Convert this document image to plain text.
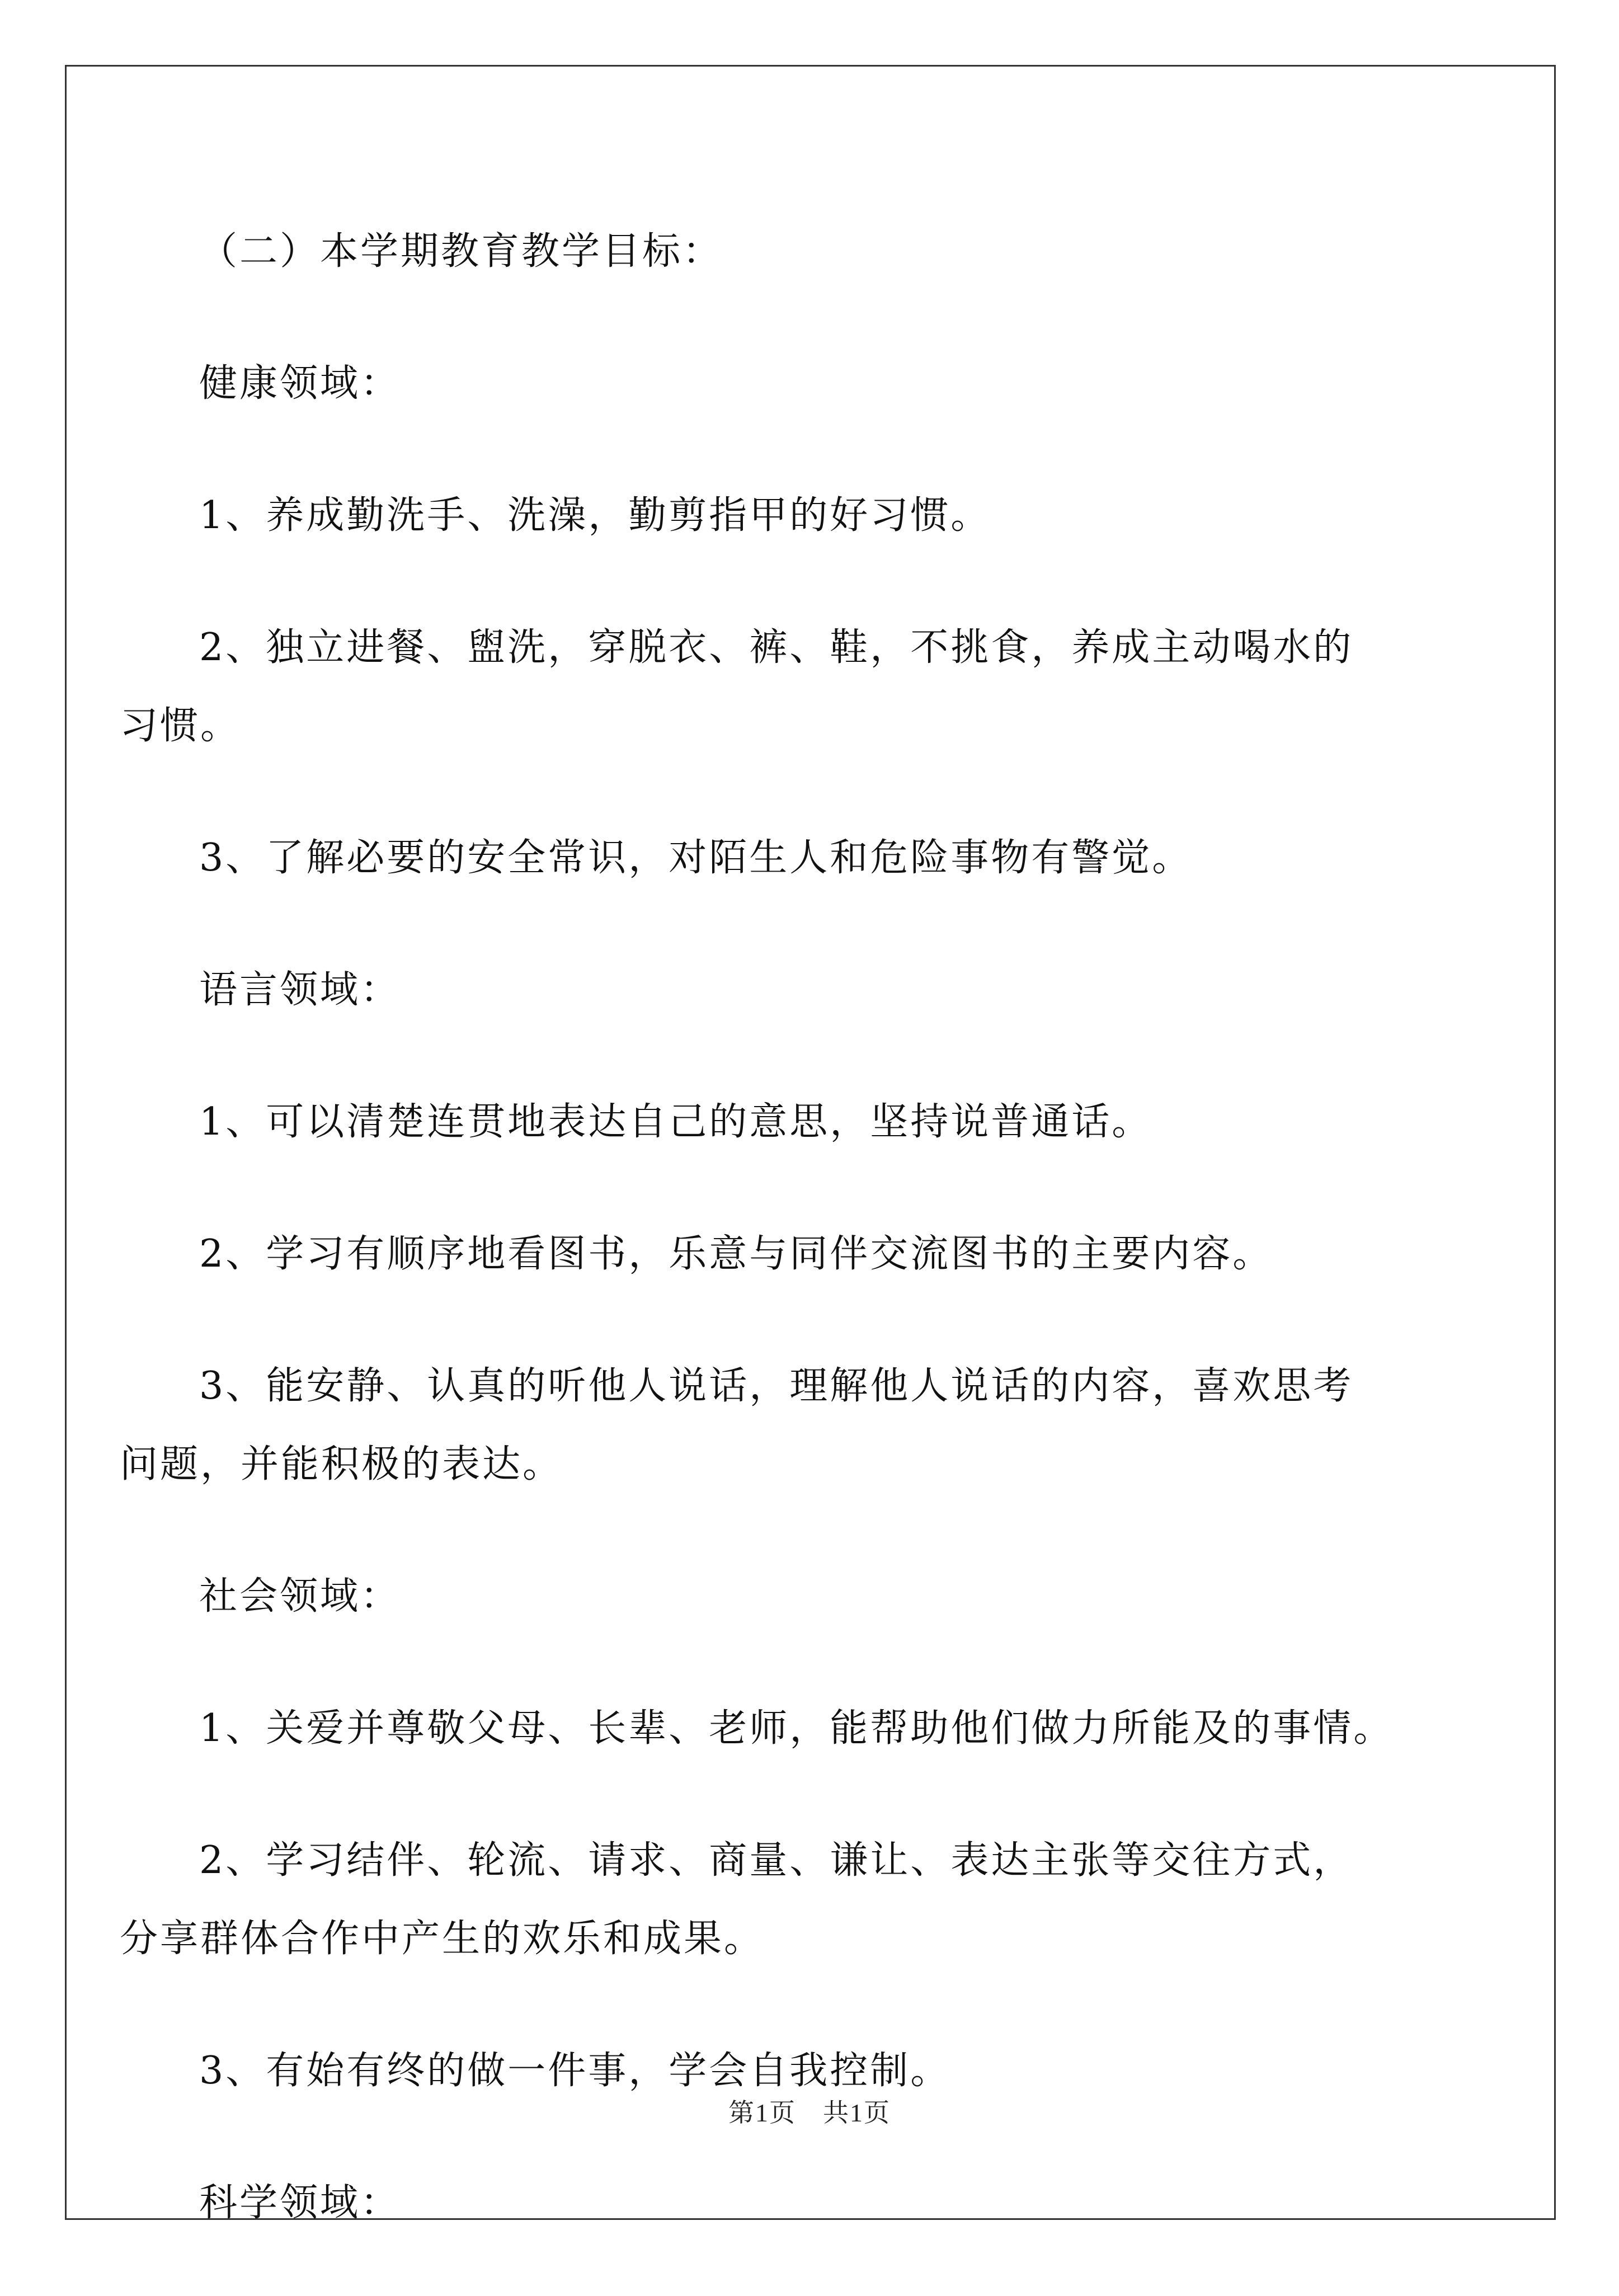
（二）本学期教育教学目标：
健康领域：
1、养成勤洗手、洗澡，勤剪指甲的好习惯。
2、独立进餐、盥洗，穿脱衣、裤、鞋，不挑食，养成主动喝水的
习惯。
3、了解必要的安全常识，对陌生人和危险事物有警觉。
语言领域：
1、可以清楚连贯地表达自己的意思，坚持说普通话。
2、学习有顺序地看图书，乐意与同伴交流图书的主要内容。
3、能安静、认真的听他人说话，理解他人说话的内容，喜欢思考
问题，并能积极的表达。
社会领域：
1、关爱并尊敬父母、长辈、老师，能帮助他们做力所能及的事情。
2、学习结伴、轮流、请求、商量、谦让、表达主张等交往方式，
分享群体合作中产生的欢乐和成果。
3、有始有终的做一件事，学会自我控制。
科学领域：
第1页　共1页
